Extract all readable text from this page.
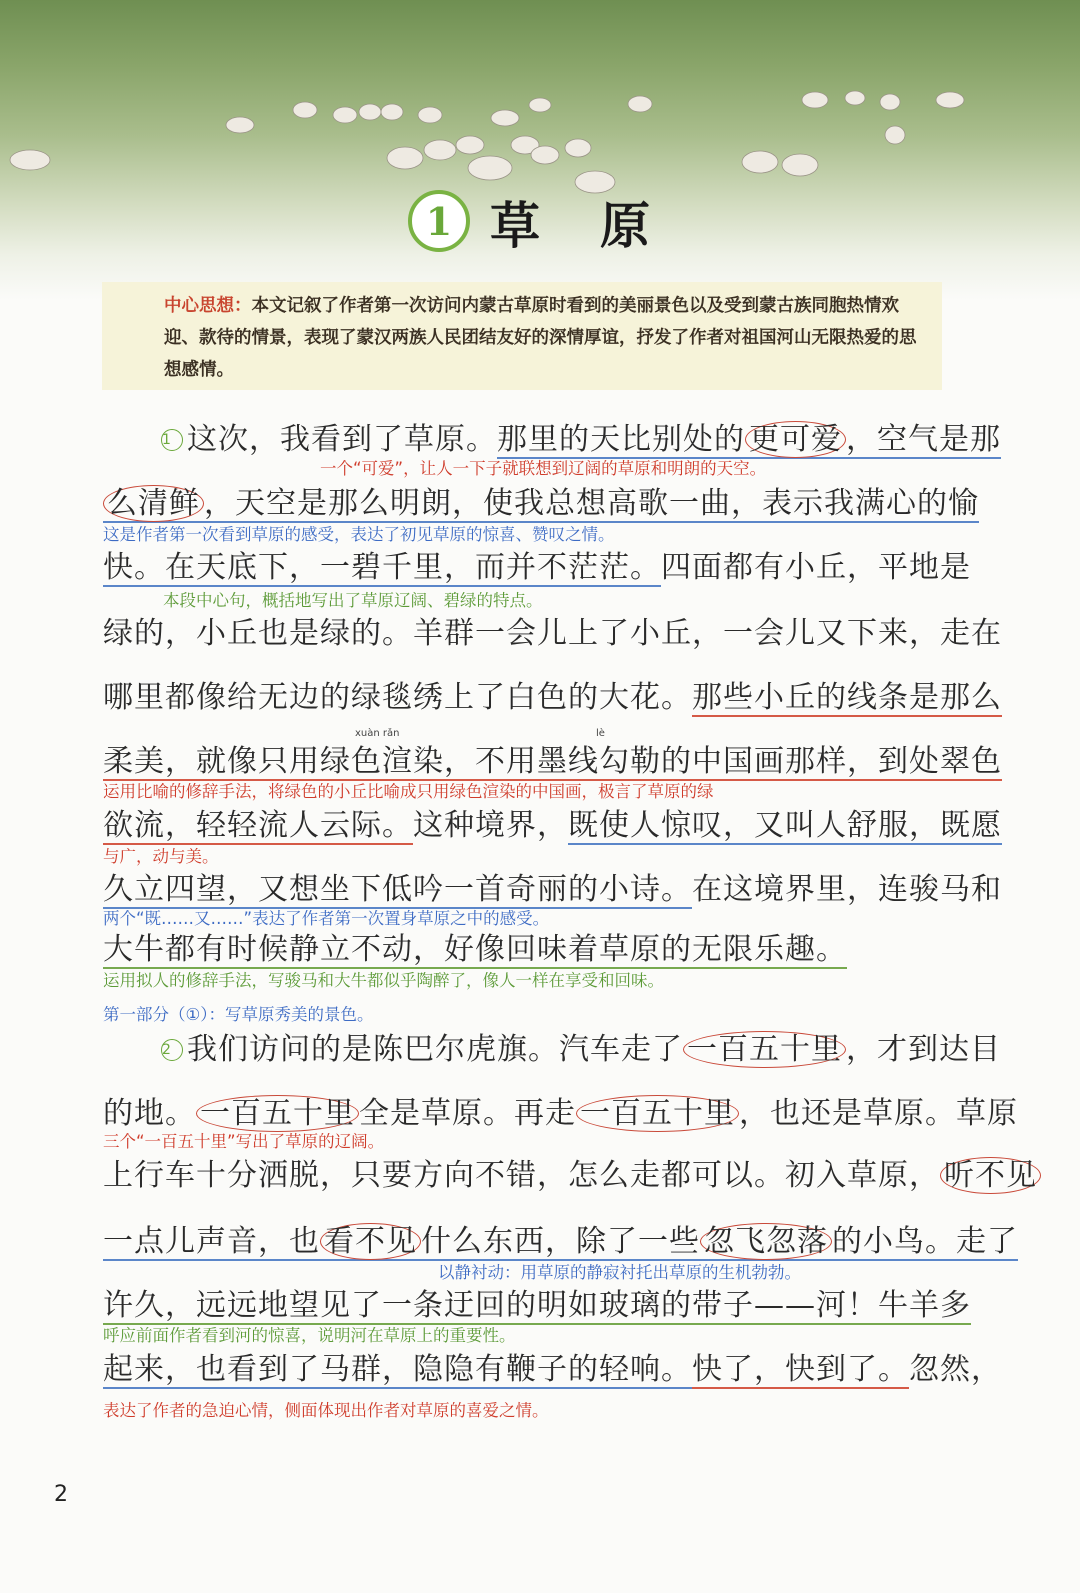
1 草原
中心思想：本文记叙了作者第一次访问内蒙古草原时看到的美丽景色以及受到蒙古族同胞热情欢迎、款待的情景，表现了蒙汉两族人民团结友好的深情厚谊，抒发了作者对祖国河山无限热爱的思想感情。
1 这次，我看到了草原。那里的天比别处的 更可爱 ，空气是那
一个“可爱”，让人一下子就联想到辽阔的草原和明朗的天空。
么清鲜 ，天空是那么明朗，使我总想高歌一曲，表示我满心的愉
这是作者第一次看到草原的感受，表达了初见草原的惊喜、赞叹之情。
快。在天底下，一碧千里，而并不茫茫。四面都有小丘，平地是
本段中心句，概括地写出了草原辽阔、碧绿的特点。
绿的，小丘也是绿的。羊群一会儿上了小丘，一会儿又下来，走在
哪里都像给无边的绿毯绣上了白色的大花。那些小丘的线条是那么
xuàn rǎn	lè
柔美，就像只用绿色渲染，不用墨线勾勒的中国画那样，到处翠色
运用比喻的修辞手法，将绿色的小丘比喻成只用绿色渲染的中国画，极言了草原的绿
欲流，轻轻流人云际。这种境界，既使人惊叹，又叫人舒服，既愿
与广，动与美。
久立四望，又想坐下低吟一首奇丽的小诗。在这境界里，连骏马和
两个“既……又……”表达了作者第一次置身草原之中的感受。
大牛都有时候静立不动，好像回味着草原的无限乐趣。
运用拟人的修辞手法，写骏马和大牛都似乎陶醉了，像人一样在享受和回味。
第一部分（①）：写草原秀美的景色。
2 我们访问的是陈巴尔虎旗。汽车走了 一百五十里 ，才到达目
的地。 一百五十里 全是草原。再走 一百五十里 ，也还是草原。草原
三个“一百五十里”写出了草原的辽阔。
上行车十分洒脱，只要方向不错，怎么走都可以。初入草原， 听不见
一点儿声音，也 看不见 什么东西，除了一些 忽飞忽落 的小鸟。走了
以静衬动：用草原的静寂衬托出草原的生机勃勃。
许久，远远地望见了一条迂回的明如玻璃的带子——河！牛羊多
呼应前面作者看到河的惊喜，说明河在草原上的重要性。
起来，也看到了马群，隐隐有鞭子的轻响。快了，快到了。忽然，
表达了作者的急迫心情，侧面体现出作者对草原的喜爱之情。
2
